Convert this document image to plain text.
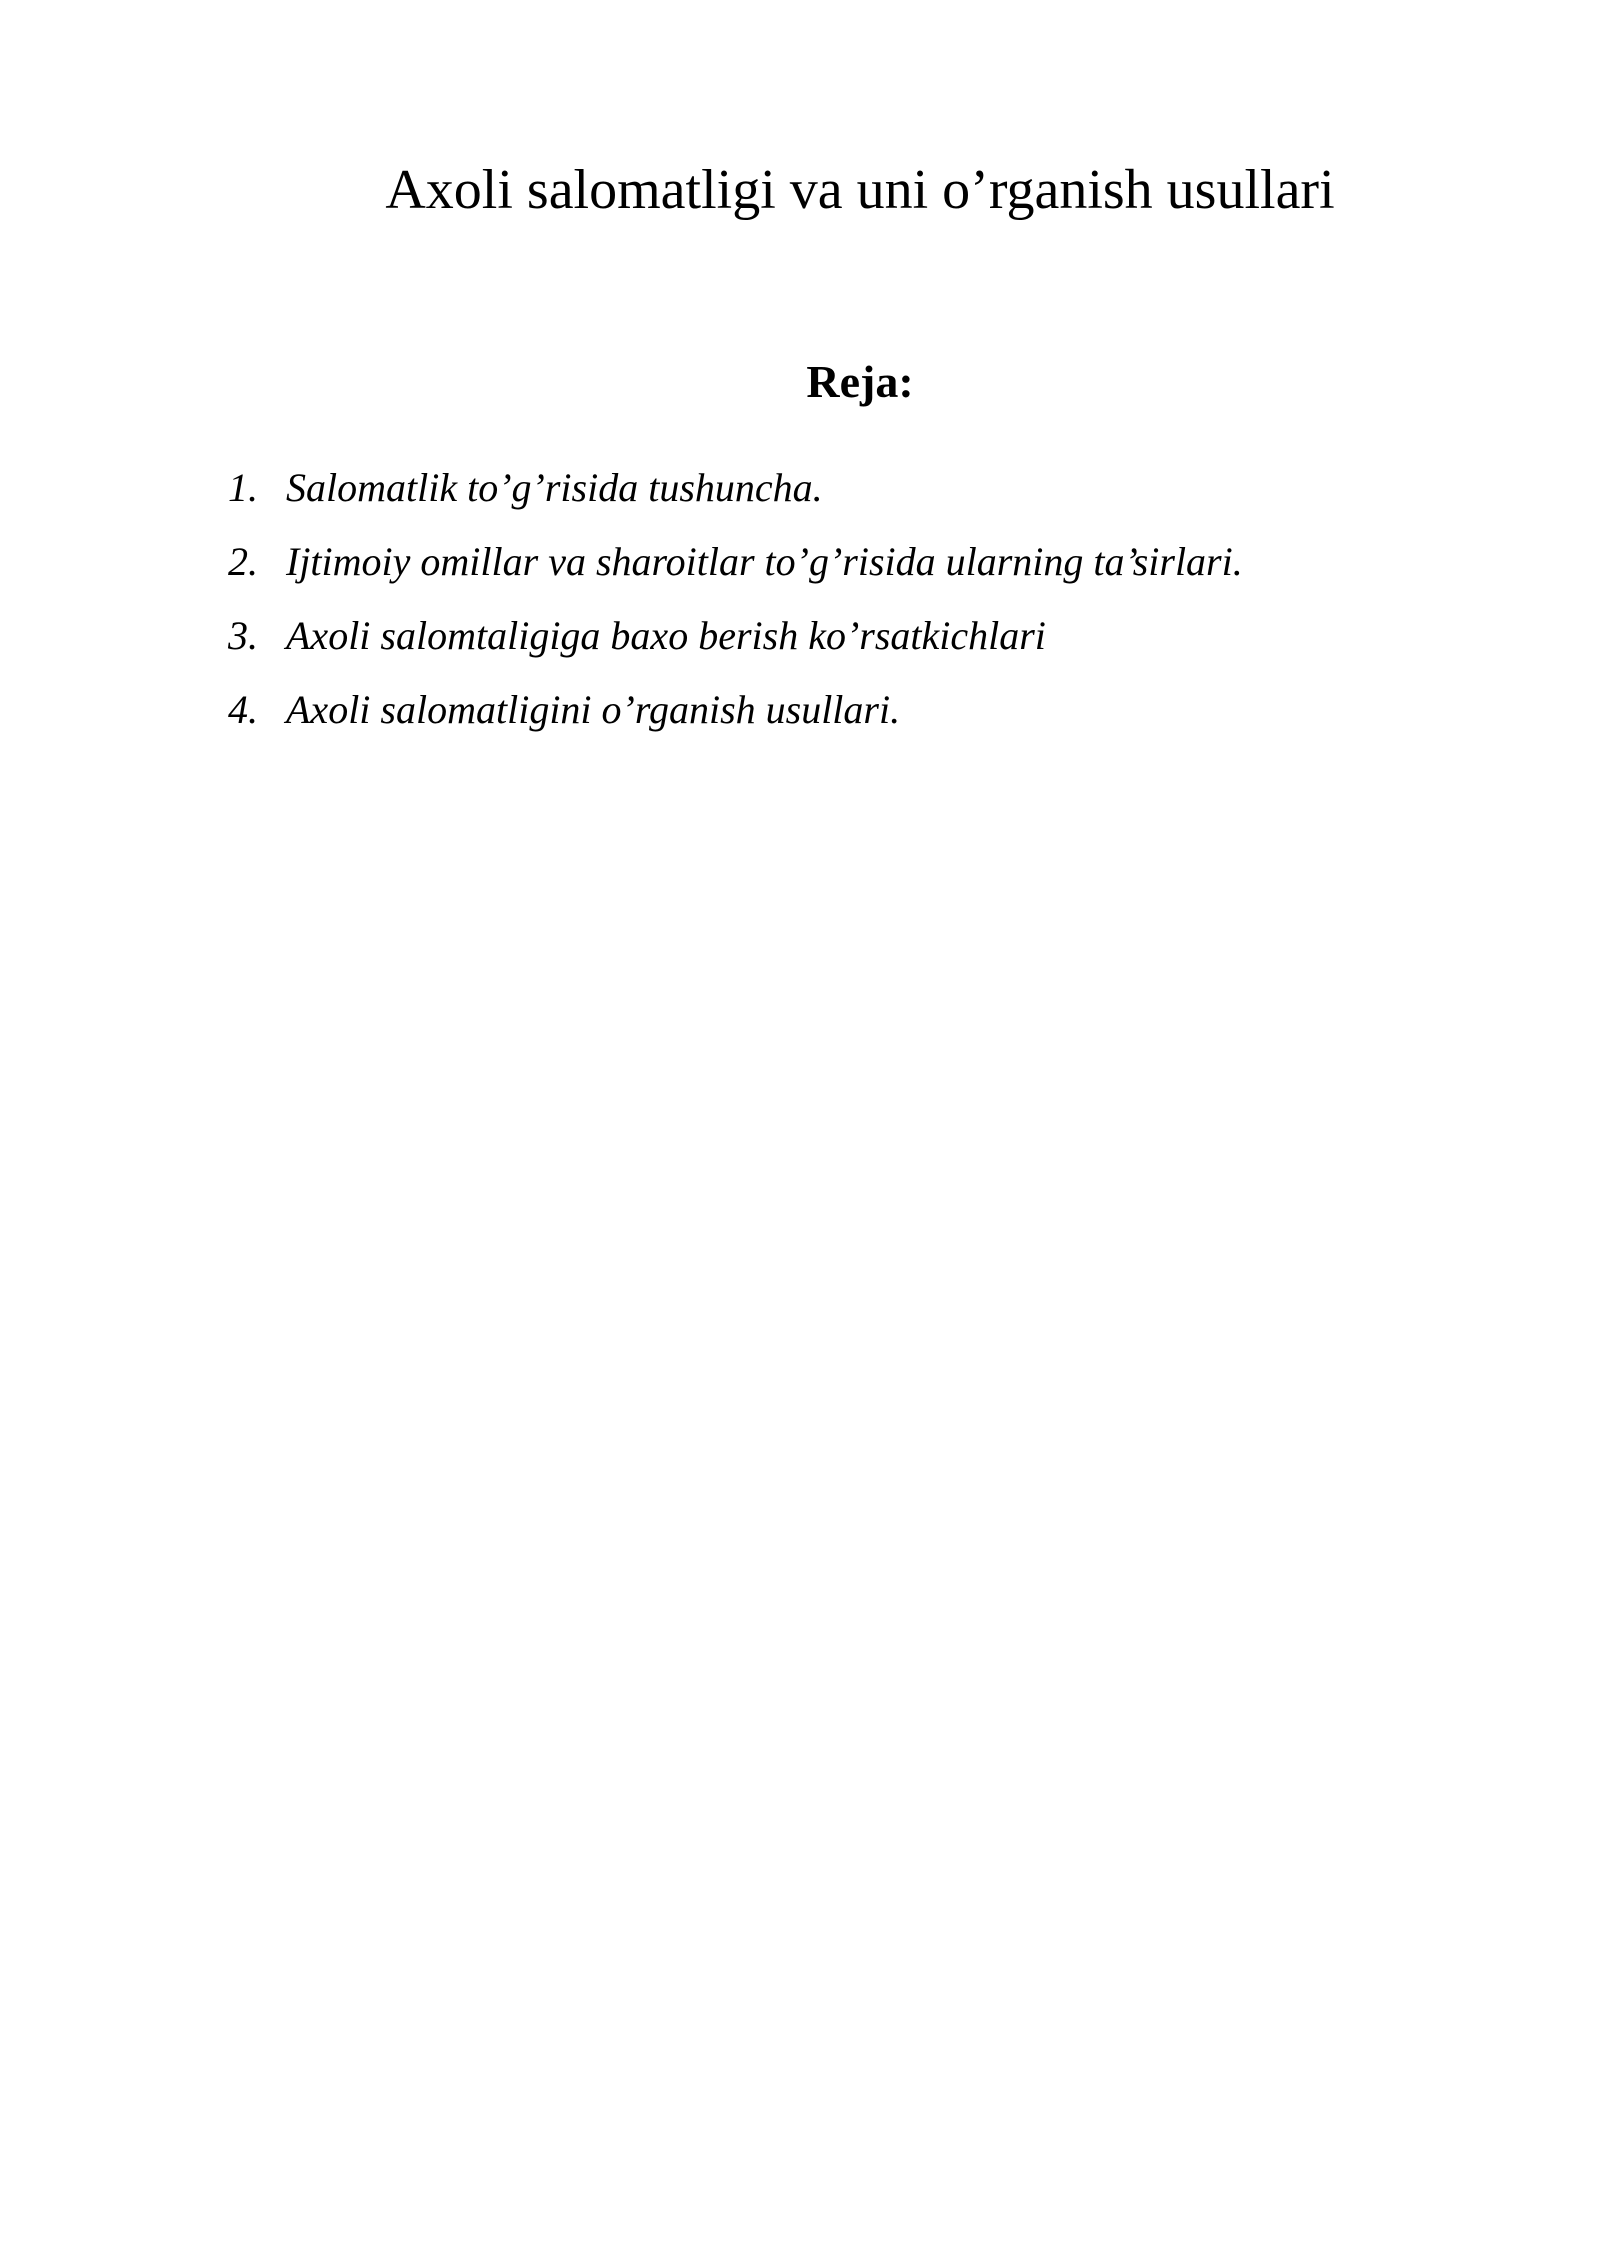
Axoli salomatligi va uni o’rganish usullari
Reja:
1. Salomatlik to’g’risida tushuncha.
2. Ijtimoiy omillar va sharoitlar to’g’risida ularning ta’sirlari.
3. Axoli salomtaligiga baxo berish ko’rsatkichlari
4. Axoli salomatligini o’rganish usullari.
